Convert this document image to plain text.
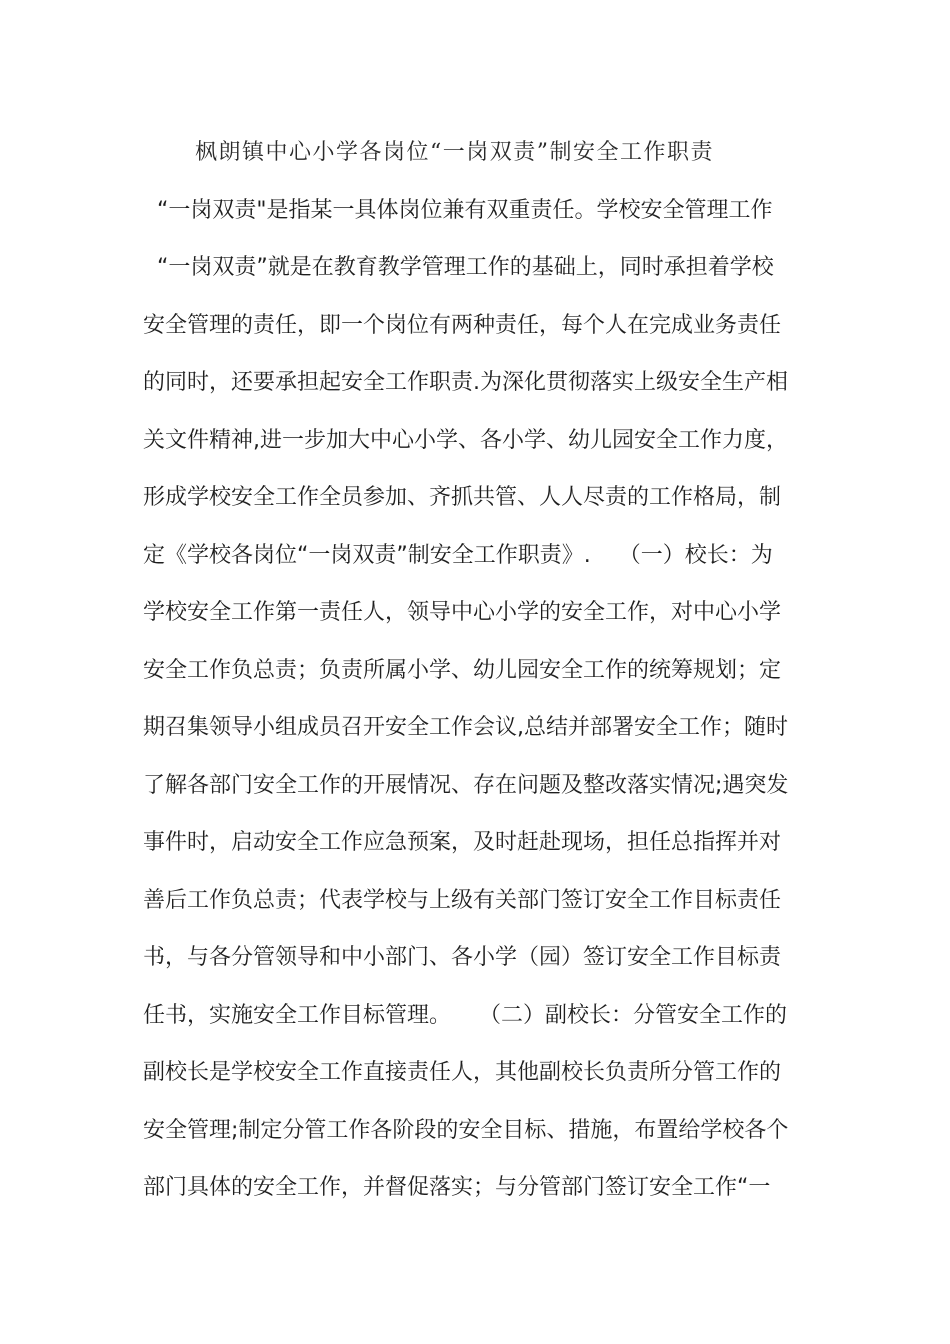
枫朗镇中心小学各岗位“一岗双责”制安全工作职责
“一岗双责"是指某一具体岗位兼有双重责任。学校安全管理工作
“一岗双责”就是在教育教学管理工作的基础上，同时承担着学校
安全管理的责任，即一个岗位有两种责任，每个人在完成业务责任
的同时，还要承担起安全工作职责.为深化贯彻落实上级安全生产相
关文件精神,进一步加大中心小学、各小学、幼儿园安全工作力度，
形成学校安全工作全员参加、齐抓共管、人人尽责的工作格局，制
定《学校各岗位“一岗双责”制安全工作职责》.    （一）校长：为
学校安全工作第一责任人，领导中心小学的安全工作，对中心小学
安全工作负总责；负责所属小学、幼儿园安全工作的统筹规划；定
期召集领导小组成员召开安全工作会议,总结并部署安全工作；随时
了解各部门安全工作的开展情况、存在问题及整改落实情况;遇突发
事件时，启动安全工作应急预案，及时赶赴现场，担任总指挥并对
善后工作负总责；代表学校与上级有关部门签订安全工作目标责任
书，与各分管领导和中小部门、各小学（园）签订安全工作目标责
任书，实施安全工作目标管理。    （二）副校长：分管安全工作的
副校长是学校安全工作直接责任人，其他副校长负责所分管工作的
安全管理;制定分管工作各阶段的安全目标、措施，布置给学校各个
部门具体的安全工作，并督促落实；与分管部门签订安全工作“一
